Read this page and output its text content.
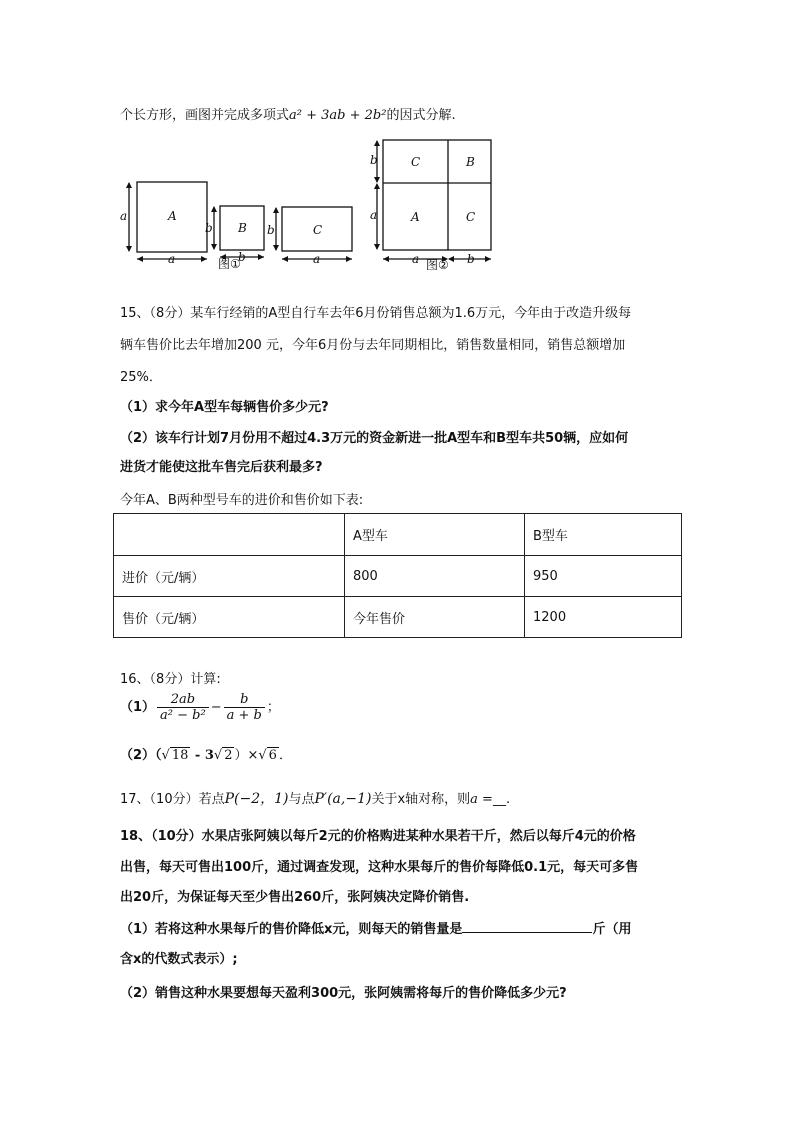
个长方形，画图并完成多项式a² + 3ab + 2b²的因式分解.
A
a
a
B
b
b
C
b
a
图①
C	B
A	C
b
a
a	b
图②
15、（8分）某车行经销的A型自行车去年6月份销售总额为1.6万元，今年由于改造升级每
辆车售价比去年增加200 元，今年6月份与去年同期相比，销售数量相同，销售总额增加
25%．
（1）求今年A型车每辆售价多少元?
（2）该车行计划7月份用不超过4.3万元的资金新进一批A型车和B型车共50辆，应如何
进货才能使这批车售完后获利最多?
今年A、B两种型号车的进价和售价如下表:
	A型车	B型车
进价（元/辆）	800	950
售价（元/辆）	今年售价	1200
16、（8分）计算:
$(1) \frac{2ab}{\text{a² − b²}} - \frac{b}{a + b}$ ；
（2）（√ 18 - 3√ 2 ）×√ 6 ．
17、（10分）若点P(−2，1)与点P′(a,−1)关于x轴对称，则a =__.
18、（10分）水果店张阿姨以每斤2元的价格购进某种水果若干斤，然后以每斤4元的价格
出售，每天可售出100斤，通过调查发现，这种水果每斤的售价每降低0.1元，每天可多售
出20斤，为保证每天至少售出260斤，张阿姨决定降价销售.
（1）若将这种水果每斤的售价降低x元，则每天的销售量是	斤（用
含x的代数式表示）;
（2）销售这种水果要想每天盈利300元，张阿姨需将每斤的售价降低多少元?
